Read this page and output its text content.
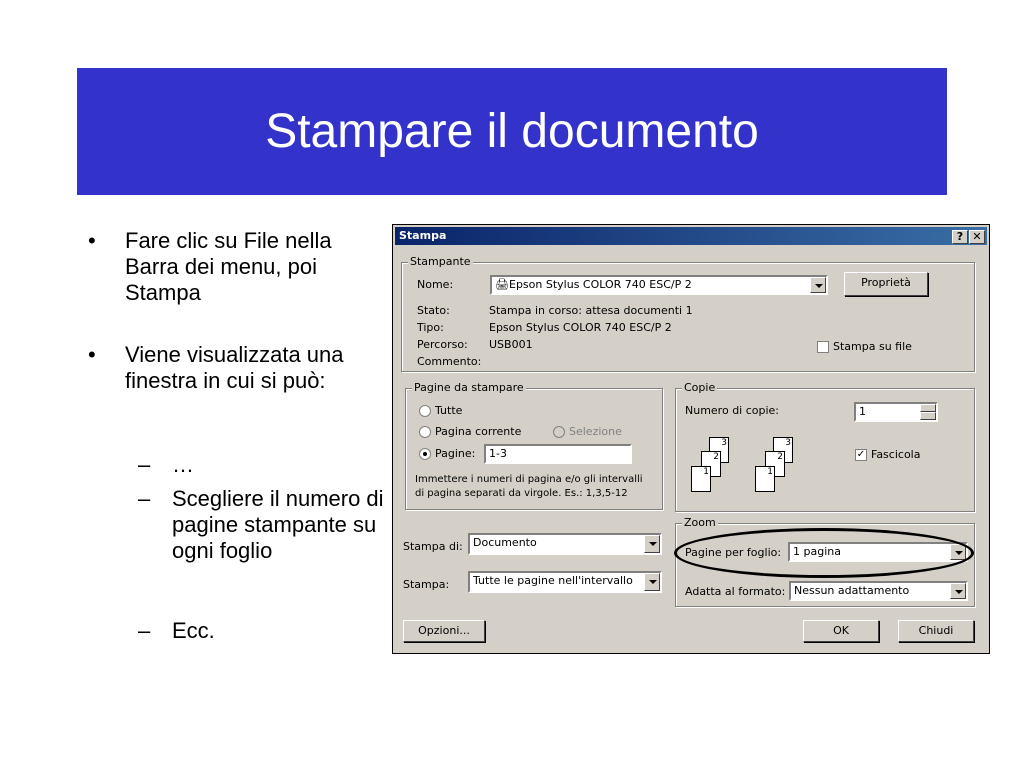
Stampare il documento
• Fare clic su File nella Barra dei menu, poi Stampa
• Viene visualizzata una finestra in cui si può:
– …
– Scegliere il numero di pagine stampante su ogni foglio
– Ecc.
Stampa	? ✕
Stampante
Nome:	🖨Epson Stylus COLOR 740 ESC/P 2	Proprietà
Stato:	Stampa in corso: attesa documenti 1
Tipo:	Epson Stylus COLOR 740 ESC/P 2
Percorso: USB001
Commento:
Stampa su file
Pagine da stampare
Tutte
Pagina corrente	Selezione
Pagine:	1-3
Immettere i numeri di pagina e/o gli intervalli
di pagina separati da virgole. Es.: 1,3,5-12
Copie
Numero di copie:	1
3
2
1
3
2
1
✓ Fascicola
Stampa di: Documento
Stampa:	Tutte le pagine nell'intervallo
Zoom
Pagine per foglio:	1 pagina
Adatta al formato: Nessun adattamento
Opzioni...	OK	Chiudi
